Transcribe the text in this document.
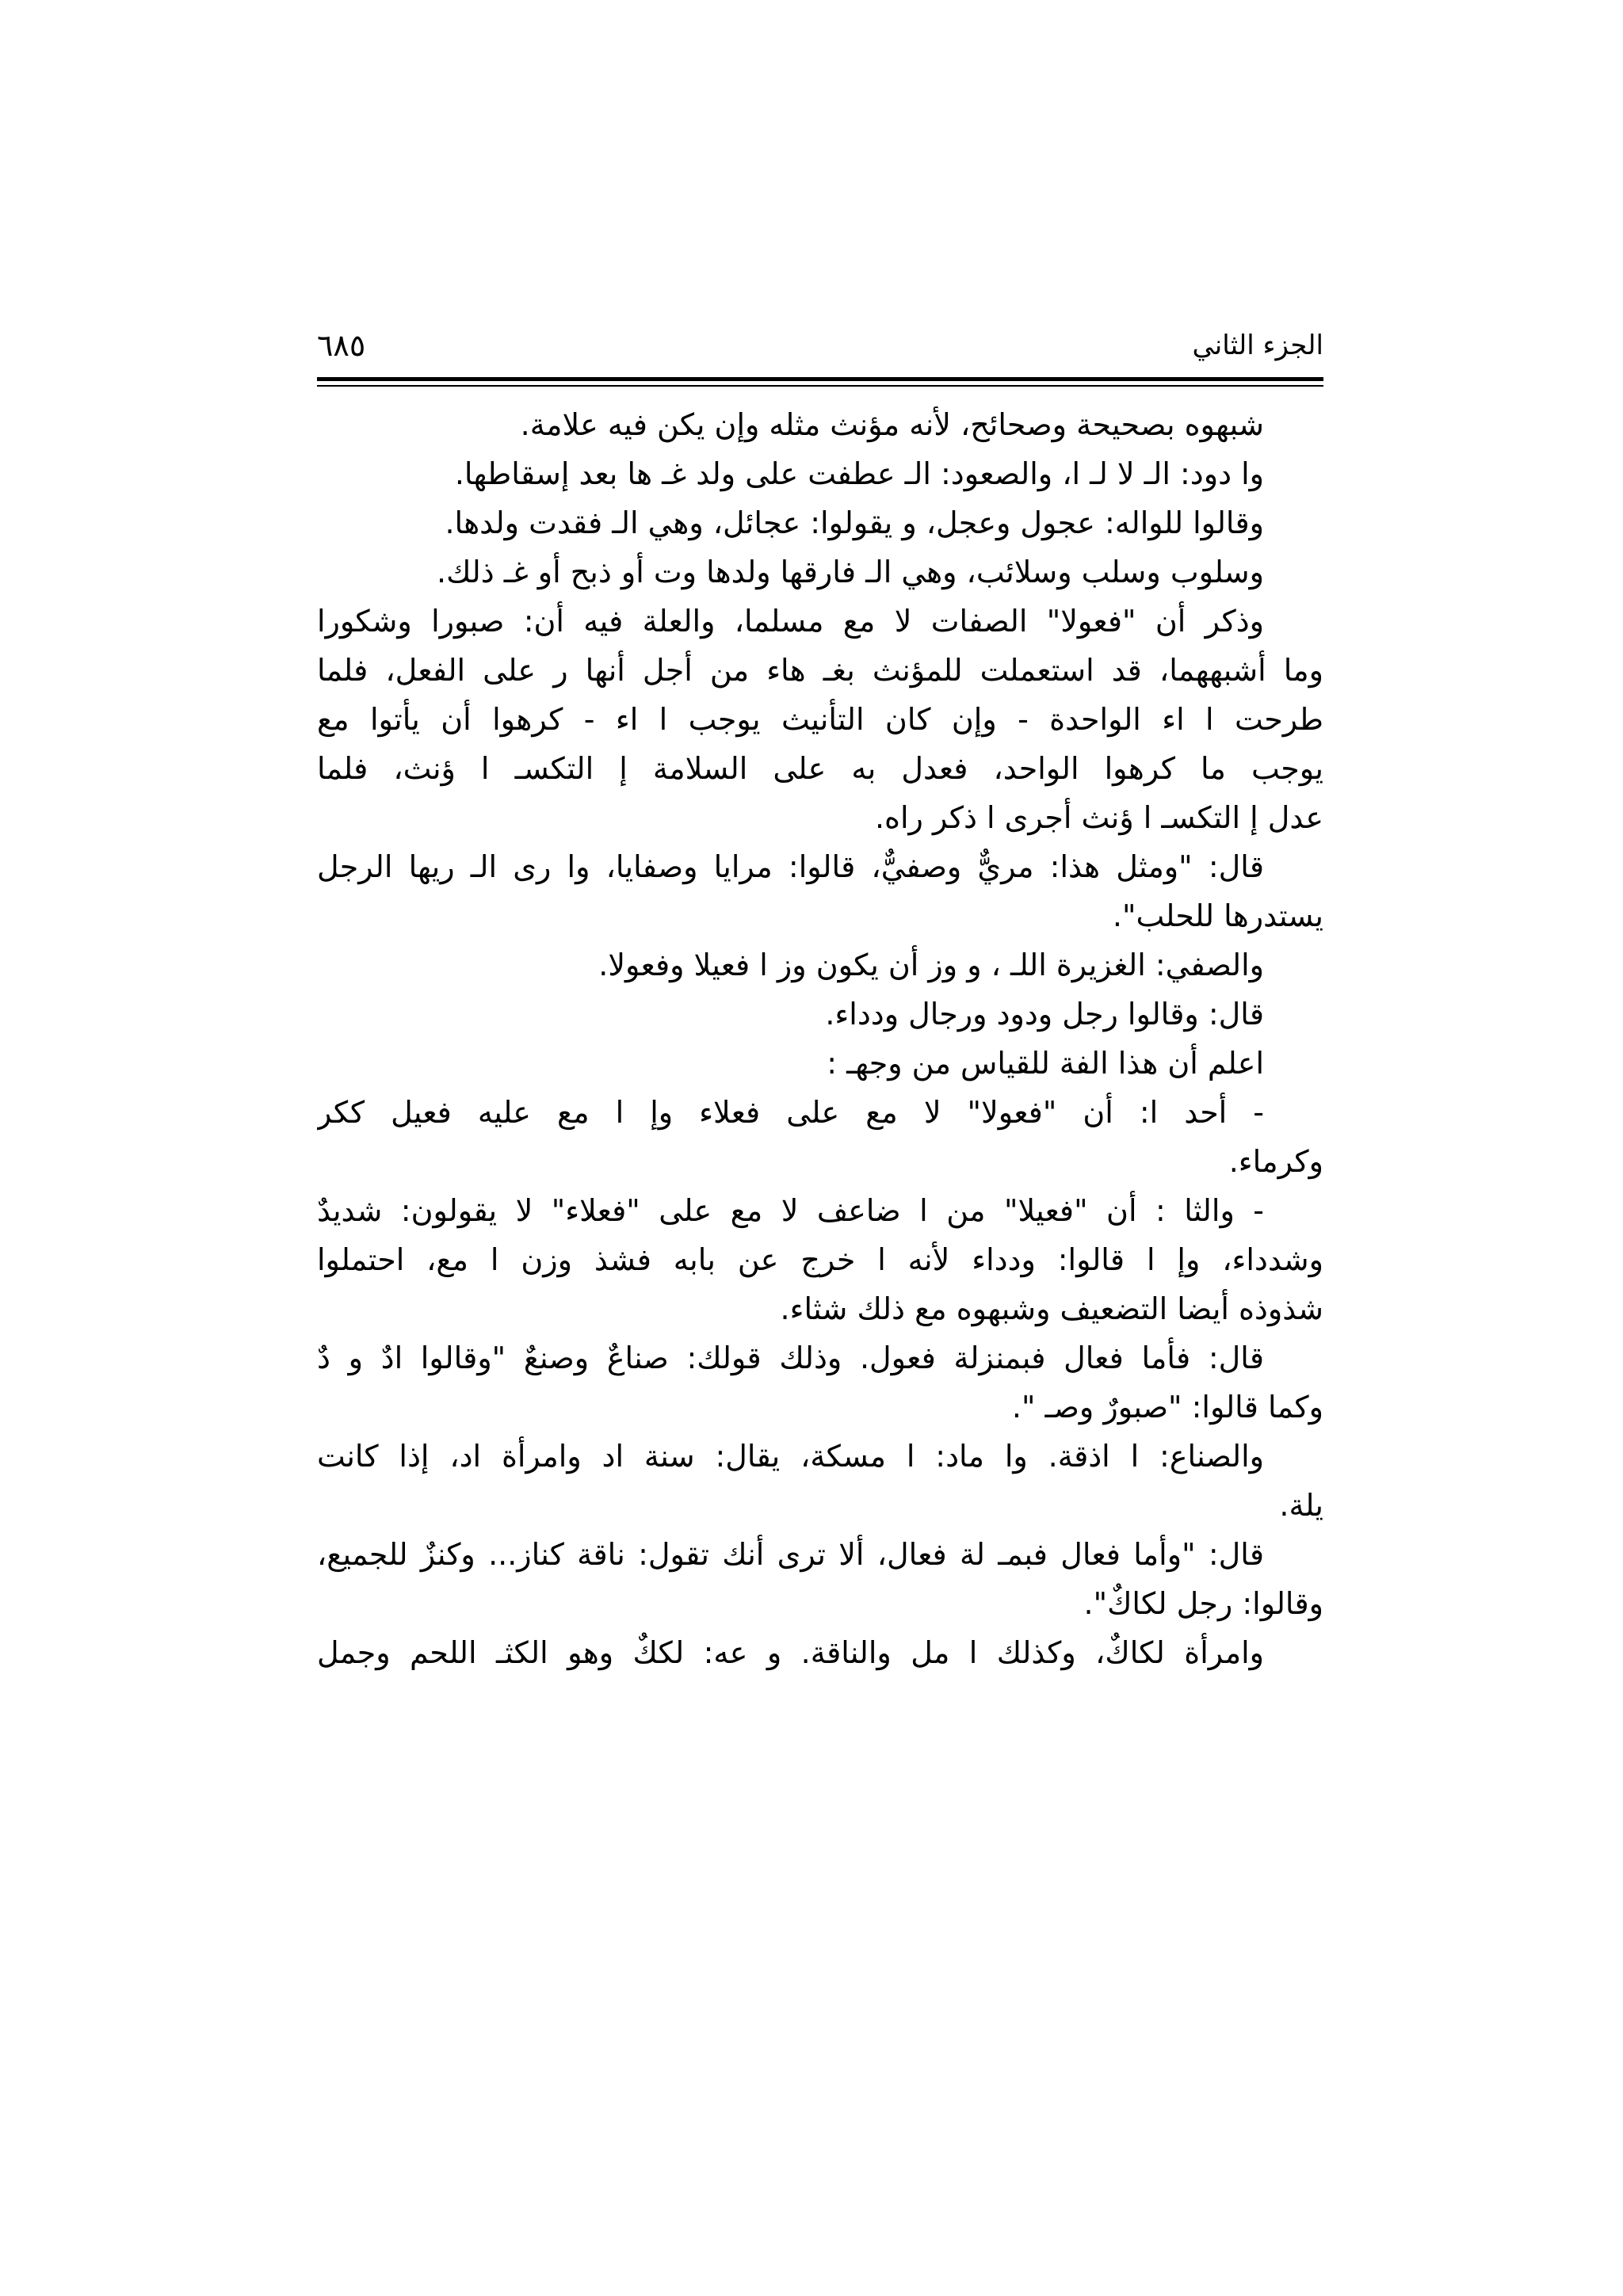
الجزء الثاني
٦٨٥
شبهوه بصحيحة وصحائح، لأنه مؤنث مثله وإن يكن فيه علامة.
وا دود: الـ لا لـ ا، والصعود: الـ عطفت على ولد غـ ها بعد إسقاطها.
وقالوا للواله: عجول وعجل، و يقولوا: عجائل، وهي الـ فقدت ولدها.
وسلوب وسلب وسلائب، وهي الـ فارقها ولدها وت أو ذبح أو غـ ذلك.
وذكر أن "فعولا" الصفات لا مع مسلما، والعلة فيه أن: صبورا وشكورا
وما أشبههما، قد استعملت للمؤنث بغـ هاء من أجل أنها ر على الفعل، فلما
طرحت ا اء الواحدة - وإن كان التأنيث يوجب ا اء - كرهوا أن يأتوا مع
يوجب ما كرهوا الواحد، فعدل به على السلامة إ التكسـ ا ؤنث، فلما
عدل إ التكسـ ا ؤنث أجرى ا ذكر راه.
قال: "ومثل هذا: مريٌّ وصفيٌّ، قالوا: مرايا وصفايا، وا رى الـ ريها الرجل
يستدرها للحلب".
والصفي: الغزيرة اللـ ، و وز أن يكون وز ا فعيلا وفعولا.
قال: وقالوا رجل ودود ورجال ودداء.
اعلم أن هذا الفة للقياس من وجهـ :
- أحد ا: أن "فعولا" لا مع على فعلاء وإ ا مع عليه فعيل ككر
وكرماء.
- والثا : أن "فعيلا" من ا ضاعف لا مع على "فعلاء" لا يقولون: شديدٌ
وشدداء، وإ ا قالوا: ودداء لأنه ا خرج عن بابه فشذ وزن ا مع، احتملوا
شذوذه أيضا التضعيف وشبهوه مع ذلك شثاء.
قال: فأما فعال فبمنزلة فعول. وذلك قولك: صناعٌ وصنعٌ "وقالوا ادٌ و دٌ
وكما قالوا: "صبورٌ وصـ ".
والصناع: ا اذقة. وا ماد: ا مسكة، يقال: سنة اد وامرأة اد، إذا كانت
يلة.
قال: "وأما فعال فبمـ لة فعال، ألا ترى أنك تقول: ناقة كناز... وكنزٌ للجميع،
وقالوا: رجل لكاكٌ".
وامرأة لكاكٌ، وكذلك ا مل والناقة. و عه: لككٌ وهو الكثـ اللحم وجمل
